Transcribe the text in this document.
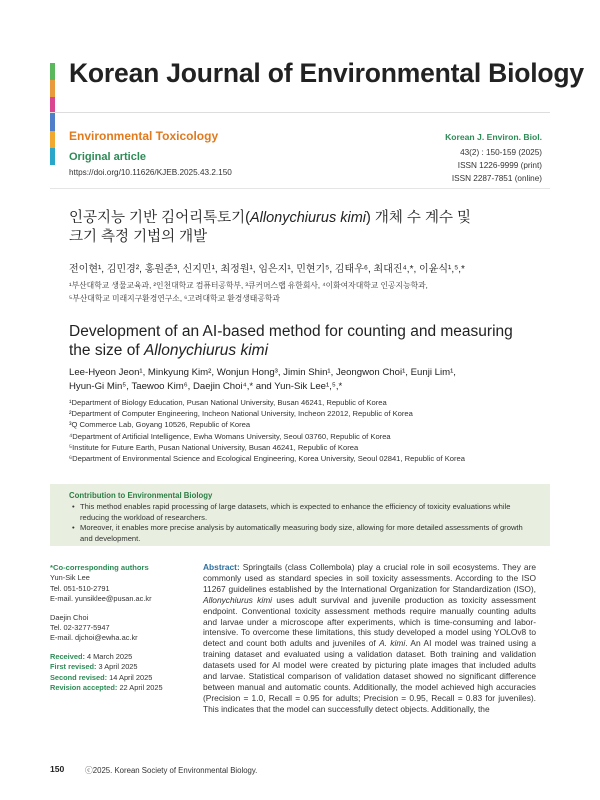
Korean Journal of Environmental Biology
Environmental Toxicology
Original article
https://doi.org/10.11626/KJEB.2025.43.2.150
Korean J. Environ. Biol.
43(2) : 150-159 (2025)
ISSN 1226-9999 (print)
ISSN 2287-7851 (online)
인공지능 기반 김어리톡토기(Allonychiurus kimi) 개체 수 계수 및
크기 측정 기법의 개발
전이현¹, 김민경², 홍원준³, 신지민¹, 최정원¹, 임은지¹, 민현기⁵, 김태우⁶, 최대진⁴,*, 이윤식¹,⁵,*
¹부산대학교 생물교육과, ²인천대학교 컴퓨터공학부, ³큐커머스랩 유한회사, ⁴이화여자대학교 인공지능학과,
⁵부산대학교 미래지구환경연구소, ⁶고려대학교 환경생태공학과
Development of an AI-based method for counting and measuring
the size of Allonychiurus kimi
Lee-Hyeon Jeon¹, Minkyung Kim², Wonjun Hong³, Jimin Shin¹, Jeongwon Choi¹, Eunji Lim¹,
Hyun-Gi Min⁵, Taewoo Kim⁶, Daejin Choi⁴,* and Yun-Sik Lee¹,⁵,*
¹Department of Biology Education, Pusan National University, Busan 46241, Republic of Korea
²Department of Computer Engineering, Incheon National University, Incheon 22012, Republic of Korea
³Q Commerce Lab, Goyang 10526, Republic of Korea
⁴Department of Artificial Intelligence, Ewha Womans University, Seoul 03760, Republic of Korea
⁵Institute for Future Earth, Pusan National University, Busan 46241, Republic of Korea
⁶Department of Environmental Science and Ecological Engineering, Korea University, Seoul 02841, Republic of Korea
Contribution to Environmental Biology
• This method enables rapid processing of large datasets, which is expected to enhance the efficiency of toxicity evaluations while reducing the workload of researchers.
• Moreover, it enables more precise analysis by automatically measuring body size, allowing for more detailed assessments of growth and development.
*Co-corresponding authors
Yun-Sik Lee
Tel. 051-510-2791
E-mail. yunsiklee@pusan.ac.kr
Daejin Choi
Tel. 02-3277-5947
E-mail. djchoi@ewha.ac.kr
Received: 4 March 2025
First revised: 3 April 2025
Second revised: 14 April 2025
Revision accepted: 22 April 2025
Abstract: Springtails (class Collembola) play a crucial role in soil ecosystems. They are commonly used as standard species in soil toxicity assessments. According to the ISO 11267 guidelines established by the International Organization for Standardization (ISO), Allonychiurus kimi uses adult survival and juvenile production as toxicity assessment endpoint. Conventional toxicity assessment methods require manually counting adults and larvae under a microscope after experiments, which is time-consuming and labor-intensive. To overcome these limitations, this study developed a model using YOLOv8 to detect and count both adults and juveniles of A. kimi. An AI model was trained using a training dataset and evaluated using a validation dataset. Both training and validation datasets used for AI model were created by picturing plate images that included adults and larvae. Statistical comparison of validation dataset showed no significant difference between manual and automatic counts. Additionally, the model achieved high accuracies (Precision = 1.0, Recall = 0.95 for adults; Precision = 0.95, Recall = 0.83 for juveniles). This indicates that the model can successfully detect objects. Additionally, the
150	ⓒ2025. Korean Society of Environmental Biology.
